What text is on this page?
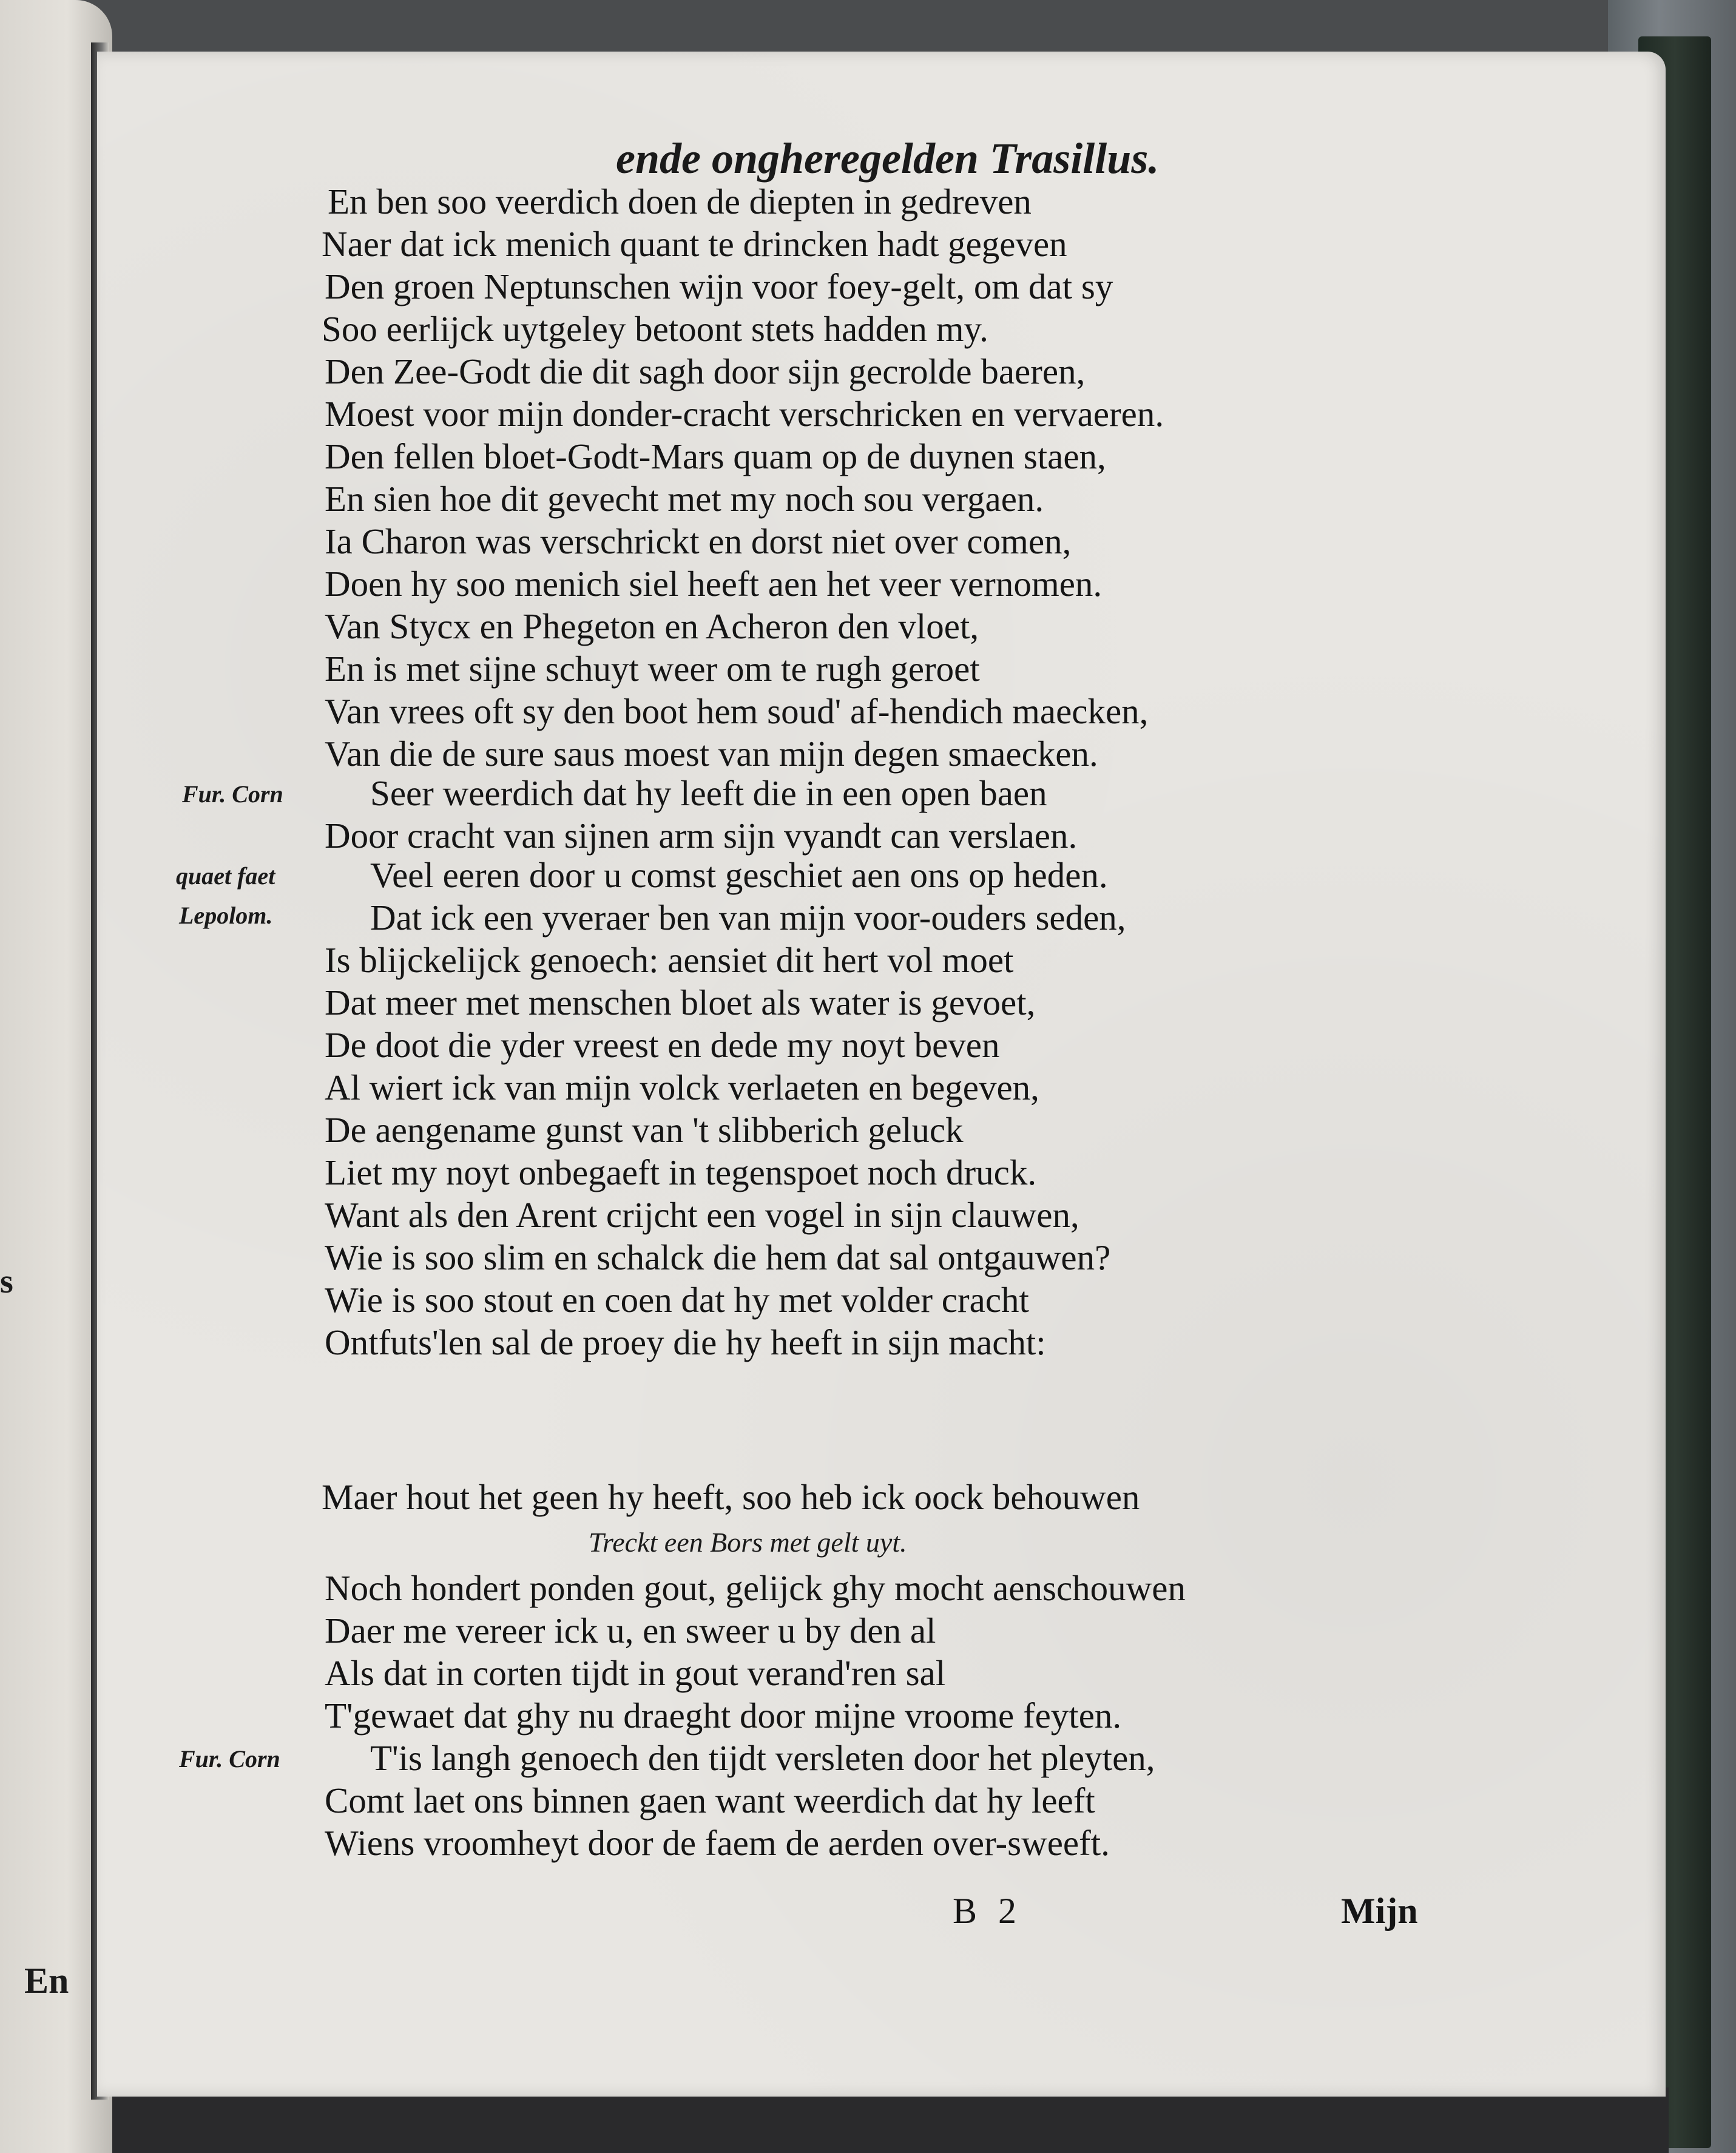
s
En
ende ongheregelden Trasillus.
En ben soo veerdich doen de diepten in gedreven
Naer dat ick menich quant te drincken hadt gegeven
Den groen Neptunschen wijn voor foey-gelt, om dat sy
Soo eerlijck uytgeley betoont stets hadden my.
Den Zee-Godt die dit sagh door sijn gecrolde baeren,
Moest voor mijn donder-cracht verschricken en vervaeren.
Den fellen bloet-Godt-Mars quam op de duynen staen,
En sien hoe dit gevecht met my noch sou vergaen.
Ia Charon was verschrickt en dorst niet over comen,
Doen hy soo menich siel heeft aen het veer vernomen.
Van Stycx en Phegeton en Acheron den vloet,
En is met sijne schuyt weer om te rugh geroet
Van vrees oft sy den boot hem soud' af-hendich maecken,
Van die de sure saus moest van mijn degen smaecken.
Fur. Corn Seer weerdich dat hy leeft die in een open baen
Door cracht van sijnen arm sijn vyandt can verslaen.
quaet faet	Veel eeren door u comst geschiet aen ons op heden.
Lepolom.	Dat ick een yveraer ben van mijn voor-ouders seden,
Is blijckelijck genoech: aensiet dit hert vol moet
Dat meer met menschen bloet als water is gevoet,
De doot die yder vreest en dede my noyt beven
Al wiert ick van mijn volck verlaeten en begeven,
De aengename gunst van 't slibberich geluck
Liet my noyt onbegaeft in tegenspoet noch druck.
Want als den Arent crijcht een vogel in sijn clauwen,
Wie is soo slim en schalck die hem dat sal ontgauwen?
Wie is soo stout en coen dat hy met volder cracht
Ontfuts'len sal de proey die hy heeft in sijn macht:
Maer hout het geen hy heeft, soo heb ick oock behouwen
Treckt een Bors met gelt uyt.
Noch hondert ponden gout, gelijck ghy mocht aenschouwen
Daer me vereer ick u, en sweer u by den al
Als dat in corten tijdt in gout verand'ren sal
T'gewaet dat ghy nu draeght door mijne vroome feyten.
Fur. Corn	T'is langh genoech den tijdt versleten door het pleyten,
Comt laet ons binnen gaen want weerdich dat hy leeft
Wiens vroomheyt door de faem de aerden over-sweeft.
B 2	Mijn
